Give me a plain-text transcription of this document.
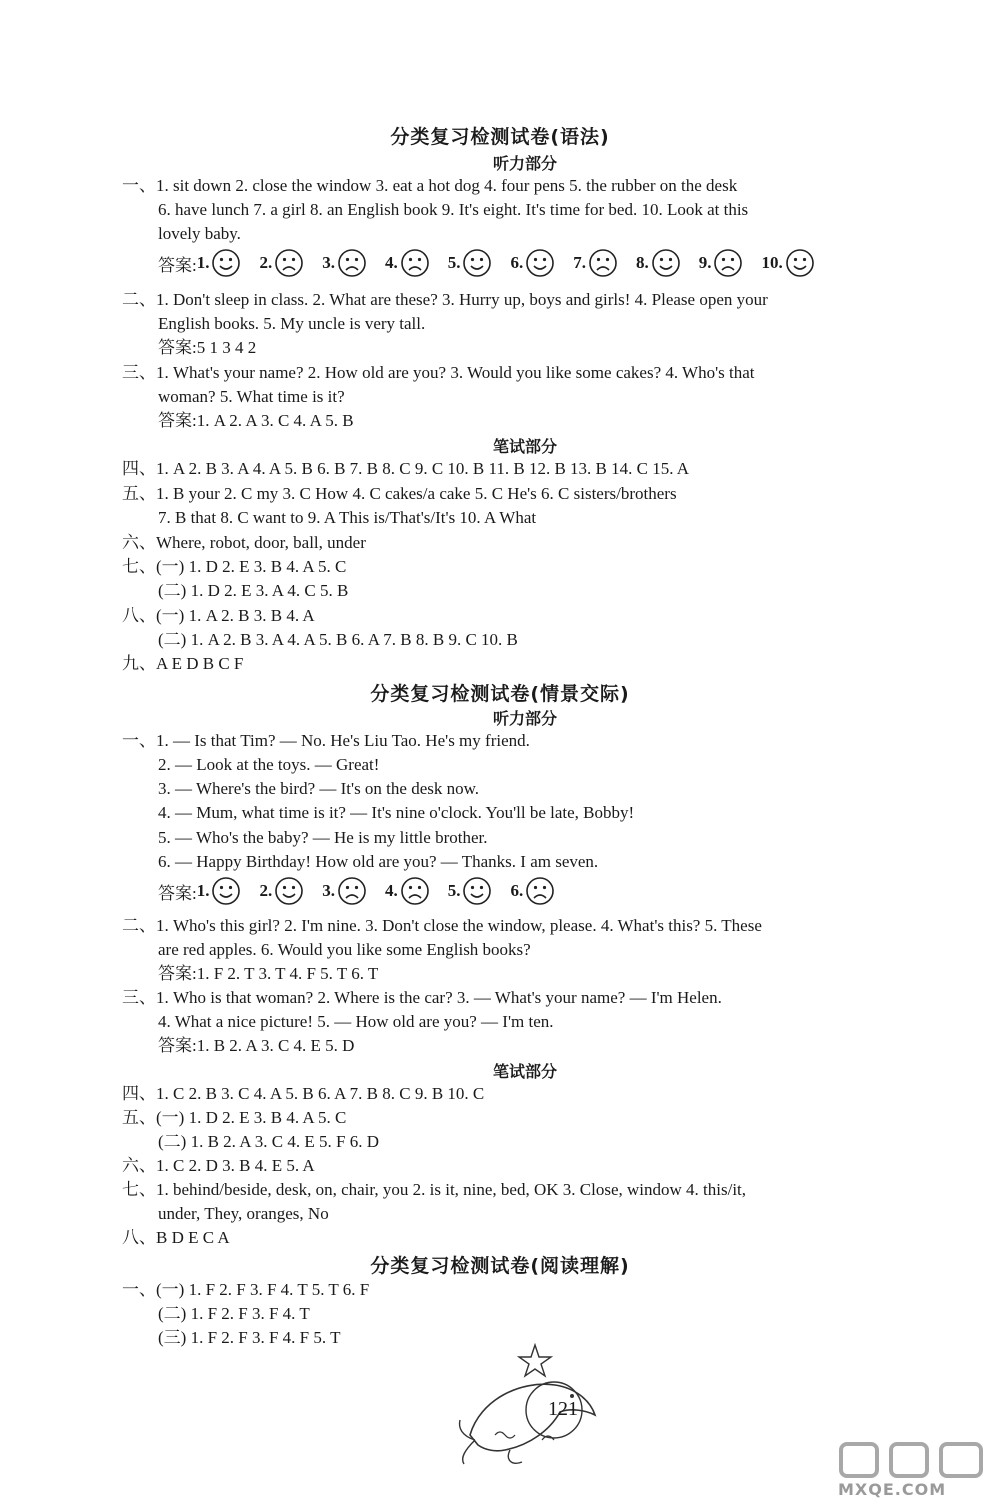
分类复习检测试卷(语法)
听力部分
一、1. sit down 2. close the window 3. eat a hot dog 4. four pens 5. the rubber on the desk
6. have lunch 7. a girl 8. an English book 9. It's eight. It's time for bed. 10. Look at this
lovely baby.
答案: 1.	2.	3.	4.	5.	6.	7.	8.	9.	10.
二、1. Don't sleep in class. 2. What are these? 3. Hurry up, boys and girls! 4. Please open your
English books. 5. My uncle is very tall.
答案:5 1 3 4 2
三、1. What's your name? 2. How old are you? 3. Would you like some cakes? 4. Who's that
woman? 5. What time is it?
答案:1. A 2. A 3. C 4. A 5. B
笔试部分
四、1. A 2. B 3. A 4. A 5. B 6. B 7. B 8. C 9. C 10. B 11. B 12. B 13. B 14. C 15. A
五、1. B your 2. C my 3. C How 4. C cakes/a cake 5. C He's 6. C sisters/brothers
7. B that 8. C want to 9. A This is/That's/It's 10. A What
六、Where, robot, door, ball, under
七、(一) 1. D 2. E 3. B 4. A 5. C
(二) 1. D 2. E 3. A 4. C 5. B
八、(一) 1. A 2. B 3. B 4. A
(二) 1. A 2. B 3. A 4. A 5. B 6. A 7. B 8. B 9. C 10. B
九、A E D B C F
分类复习检测试卷(情景交际)
听力部分
一、1. — Is that Tim? — No. He's Liu Tao. He's my friend.
2. — Look at the toys. — Great!
3. — Where's the bird? — It's on the desk now.
4. — Mum, what time is it? — It's nine o'clock. You'll be late, Bobby!
5. — Who's the baby? — He is my little brother.
6. — Happy Birthday! How old are you? — Thanks. I am seven.
答案: 1.	2.	3.	4.	5.	6.
二、1. Who's this girl? 2. I'm nine. 3. Don't close the window, please. 4. What's this? 5. These
are red apples. 6. Would you like some English books?
答案:1. F 2. T 3. T 4. F 5. T 6. T
三、1. Who is that woman? 2. Where is the car? 3. — What's your name? — I'm Helen.
4. What a nice picture! 5. — How old are you? — I'm ten.
答案:1. B 2. A 3. C 4. E 5. D
笔试部分
四、1. C 2. B 3. C 4. A 5. B 6. A 7. B 8. C 9. B 10. C
五、(一) 1. D 2. E 3. B 4. A 5. C
(二) 1. B 2. A 3. C 4. E 5. F 6. D
六、1. C 2. D 3. B 4. E 5. A
七、1. behind/beside, desk, on, chair, you 2. is it, nine, bed, OK 3. Close, window 4. this/it,
under, They, oranges, No
八、B D E C A
分类复习检测试卷(阅读理解)
一、(一) 1. F 2. F 3. F 4. T 5. T 6. F
(二) 1. F 2. F 3. F 4. T
(三) 1. F 2. F 3. F 4. F 5. T
121
MXQE.COM
